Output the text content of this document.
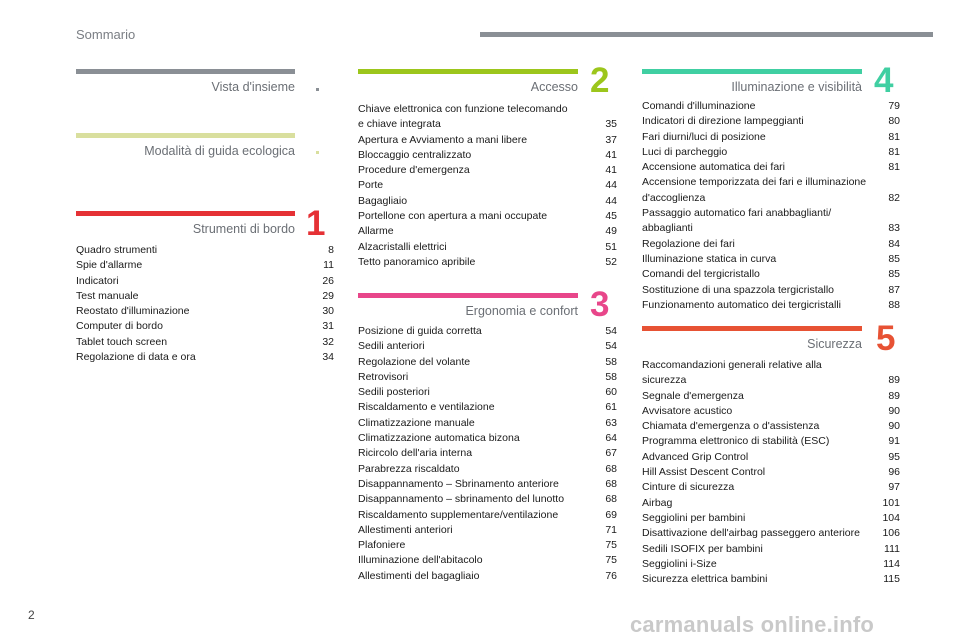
Sommario
Vista d'insieme
Modalità di guida ecologica
Strumenti di bordo 1
Quadro strumenti	8
Spie d'allarme	11
Indicatori	26
Test manuale	29
Reostato d'illuminazione	30
Computer di bordo	31
Tablet touch screen	32
Regolazione di data e ora	34
Accesso 2
Chiave elettronica con funzione telecomando
e chiave integrata	35
Apertura e Avviamento a mani libere	37
Bloccaggio centralizzato	41
Procedure d'emergenza	41
Porte	44
Bagagliaio	44
Portellone con apertura a mani occupate	45
Allarme	49
Alzacristalli elettrici	51
Tetto panoramico apribile	52
Ergonomia e confort 3
Posizione di guida corretta	54
Sedili anteriori	54
Regolazione del volante	58
Retrovisori	58
Sedili posteriori	60
Riscaldamento e ventilazione	61
Climatizzazione manuale	63
Climatizzazione automatica bizona	64
Ricircolo dell'aria interna	67
Parabrezza riscaldato	68
Disappannamento – Sbrinamento anteriore	68
Disappannamento – sbrinamento del lunotto	68
Riscaldamento supplementare/ventilazione	69
Allestimenti anteriori	71
Plafoniere	75
Illuminazione dell'abitacolo	75
Allestimenti del bagagliaio	76
Illuminazione e visibilità 4
Comandi d'illuminazione	79
Indicatori di direzione lampeggianti	80
Fari diurni/luci di posizione	81
Luci di parcheggio	81
Accensione automatica dei fari	81
Accensione temporizzata dei fari e illuminazione
d'accoglienza	82
Passaggio automatico fari anabbaglianti/
abbaglianti	83
Regolazione dei fari	84
Illuminazione statica in curva	85
Comandi del tergicristallo	85
Sostituzione di una spazzola tergicristallo	87
Funzionamento automatico dei tergicristalli	88
Sicurezza 5
Raccomandazioni generali relative alla
sicurezza	89
Segnale d'emergenza	89
Avvisatore acustico	90
Chiamata d'emergenza o d'assistenza	90
Programma elettronico di stabilità (ESC)	91
Advanced Grip Control	95
Hill Assist Descent Control	96
Cinture di sicurezza	97
Airbag	101
Seggiolini per bambini	104
Disattivazione dell'airbag passeggero anteriore	106
Sedili ISOFIX per bambini	111
Seggiolini i-Size	114
Sicurezza elettrica bambini	115
2	carmanuals online.info
